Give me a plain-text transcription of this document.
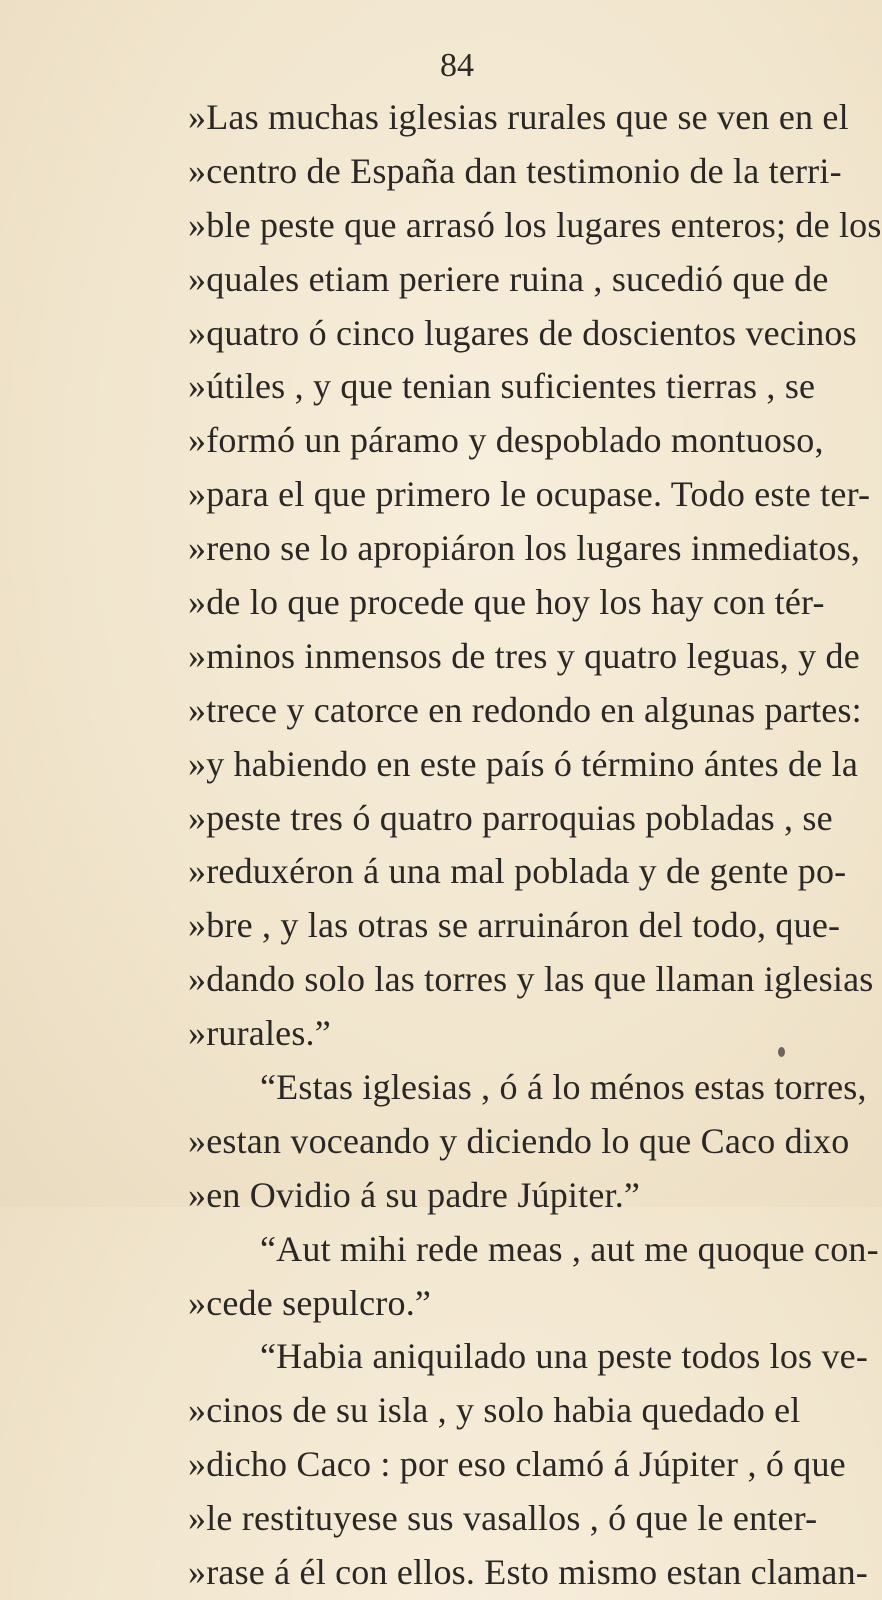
84
»Las muchas iglesias rurales que se ven en el
»centro de España dan testimonio de la terri-
»ble peste que arrasó los lugares enteros; de los
»quales etiam periere ruina , sucedió que de
»quatro ó cinco lugares de doscientos vecinos
»útiles , y que tenian suficientes tierras , se
»formó un páramo y despoblado montuoso,
»para el que primero le ocupase. Todo este ter-
»reno se lo apropiáron los lugares inmediatos,
»de lo que procede que hoy los hay con tér-
»minos inmensos de tres y quatro leguas, y de
»trece y catorce en redondo en algunas partes:
»y habiendo en este país ó término ántes de la
»peste tres ó quatro parroquias pobladas , se
»reduxéron á una mal poblada y de gente po-
»bre , y las otras se arruináron del todo, que-
»dando solo las torres y las que llaman iglesias
»rurales.”
“Estas iglesias , ó á lo ménos estas torres,
»estan voceando y diciendo lo que Caco dixo
»en Ovidio á su padre Júpiter.”
“Aut mihi rede meas , aut me quoque con-
»cede sepulcro.”
“Habia aniquilado una peste todos los ve-
»cinos de su isla , y solo habia quedado el
»dicho Caco : por eso clamó á Júpiter , ó que
»le restituyese sus vasallos , ó que le enter-
»rase á él con ellos. Esto mismo estan claman-
